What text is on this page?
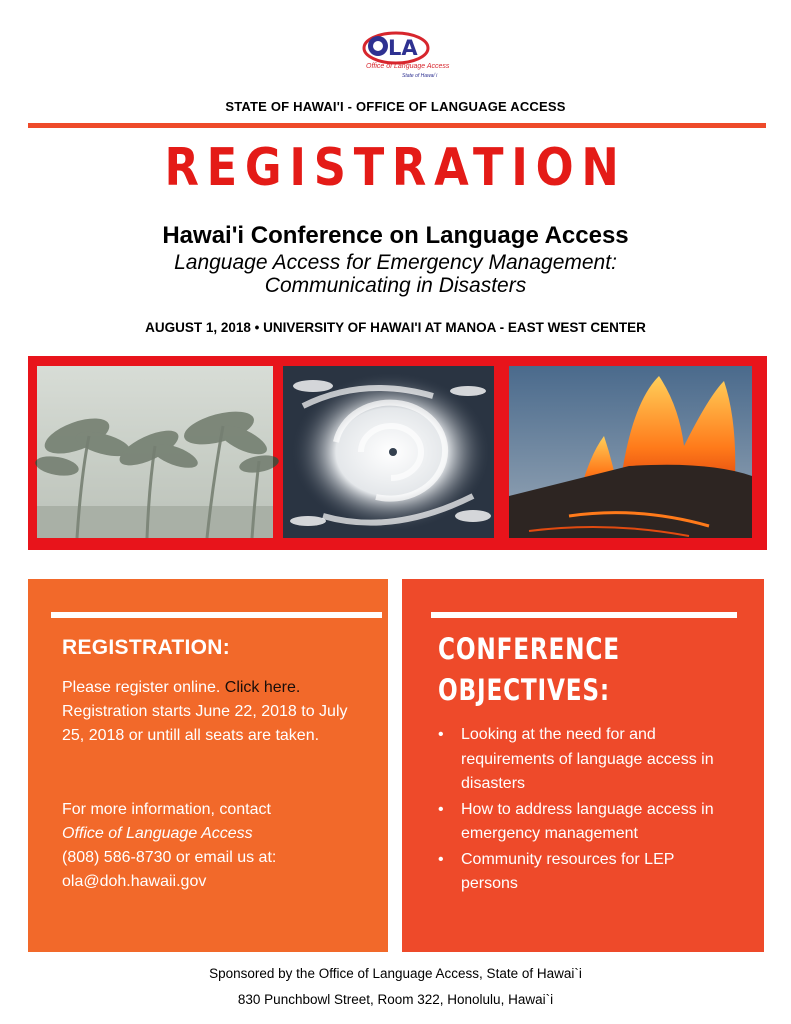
LA
Office of Language Access
State of Hawai`i
STATE OF HAWAI'I - OFFICE OF LANGUAGE ACCESS
REGISTRATION
Hawai'i Conference on Language Access
Language Access for Emergency Management:
Communicating in Disasters
AUGUST 1, 2018 • UNIVERSITY OF HAWAI'I AT MANOA - EAST WEST CENTER
REGISTRATION:
Please register online. Click here. Registration starts June 22, 2018 to July 25, 2018 or untill all seats are taken.
For more information, contact
Office of Language Access
(808) 586-8730 or email us at:
ola@doh.hawaii.gov
CONFERENCE
OBJECTIVES:
• Looking at the need for and requirements of language access in disasters
• How to address language access in emergency management
• Community resources for LEP persons
Sponsored by the Office of Language Access, State of Hawai`i
830 Punchbowl Street, Room 322, Honolulu, Hawai`i
